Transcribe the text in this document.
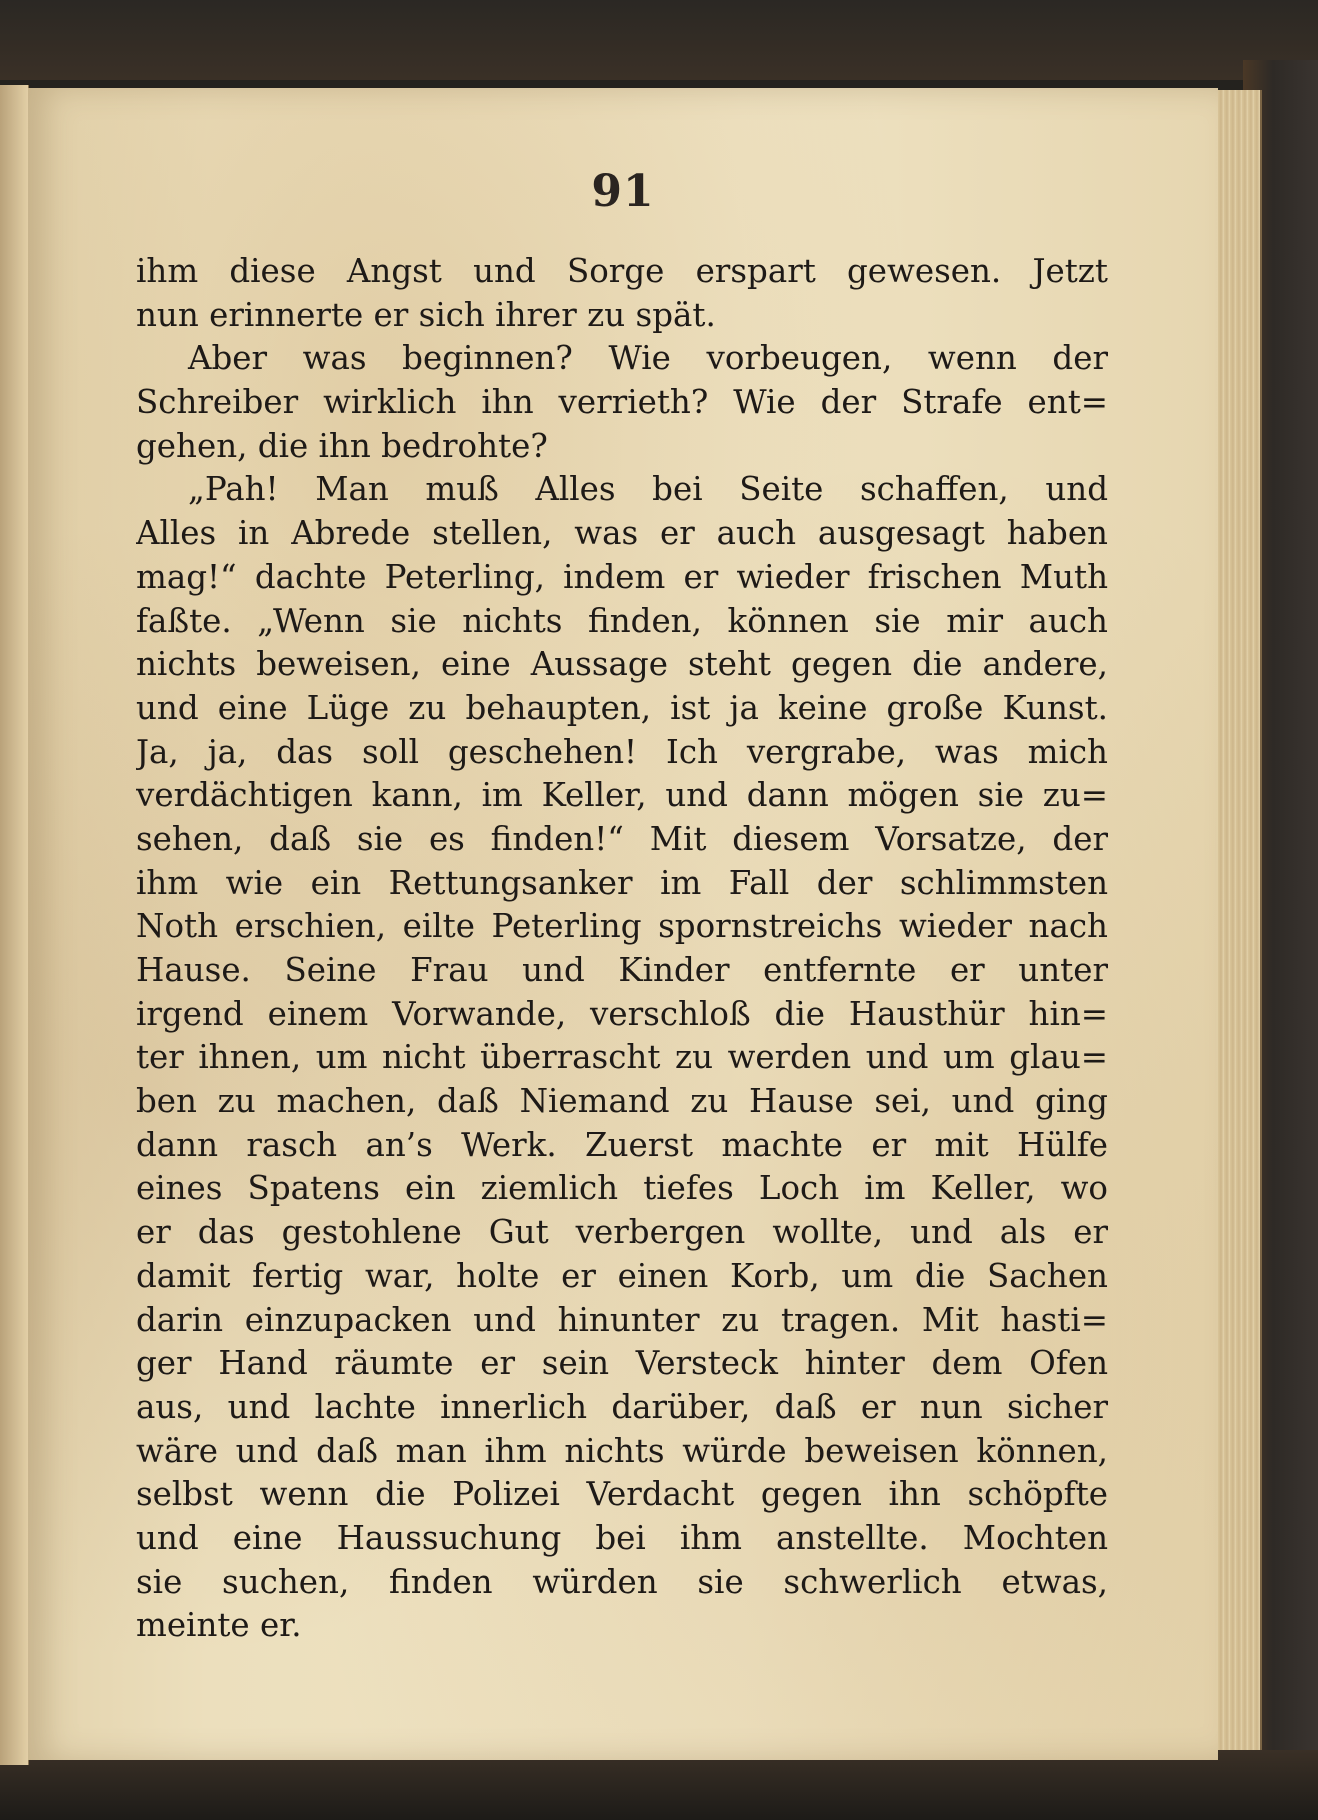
91
ihm diese Angst und Sorge erspart gewesen. Jetzt
nun erinnerte er sich ihrer zu spät.
Aber was beginnen? Wie vorbeugen, wenn der
Schreiber wirklich ihn verrieth? Wie der Strafe ent=
gehen, die ihn bedrohte?
„Pah! Man muß Alles bei Seite schaffen, und
Alles in Abrede stellen, was er auch ausgesagt haben
mag!“ dachte Peterling, indem er wieder frischen Muth
faßte. „Wenn sie nichts finden, können sie mir auch
nichts beweisen, eine Aussage steht gegen die andere,
und eine Lüge zu behaupten, ist ja keine große Kunst.
Ja, ja, das soll geschehen! Ich vergrabe, was mich
verdächtigen kann, im Keller, und dann mögen sie zu=
sehen, daß sie es finden!“ Mit diesem Vorsatze, der
ihm wie ein Rettungsanker im Fall der schlimmsten
Noth erschien, eilte Peterling spornstreichs wieder nach
Hause. Seine Frau und Kinder entfernte er unter
irgend einem Vorwande, verschloß die Hausthür hin=
ter ihnen, um nicht überrascht zu werden und um glau=
ben zu machen, daß Niemand zu Hause sei, und ging
dann rasch an’s Werk. Zuerst machte er mit Hülfe
eines Spatens ein ziemlich tiefes Loch im Keller, wo
er das gestohlene Gut verbergen wollte, und als er
damit fertig war, holte er einen Korb, um die Sachen
darin einzupacken und hinunter zu tragen. Mit hasti=
ger Hand räumte er sein Versteck hinter dem Ofen
aus, und lachte innerlich darüber, daß er nun sicher
wäre und daß man ihm nichts würde beweisen können,
selbst wenn die Polizei Verdacht gegen ihn schöpfte
und eine Haussuchung bei ihm anstellte. Mochten
sie suchen, finden würden sie schwerlich etwas,
meinte er.
